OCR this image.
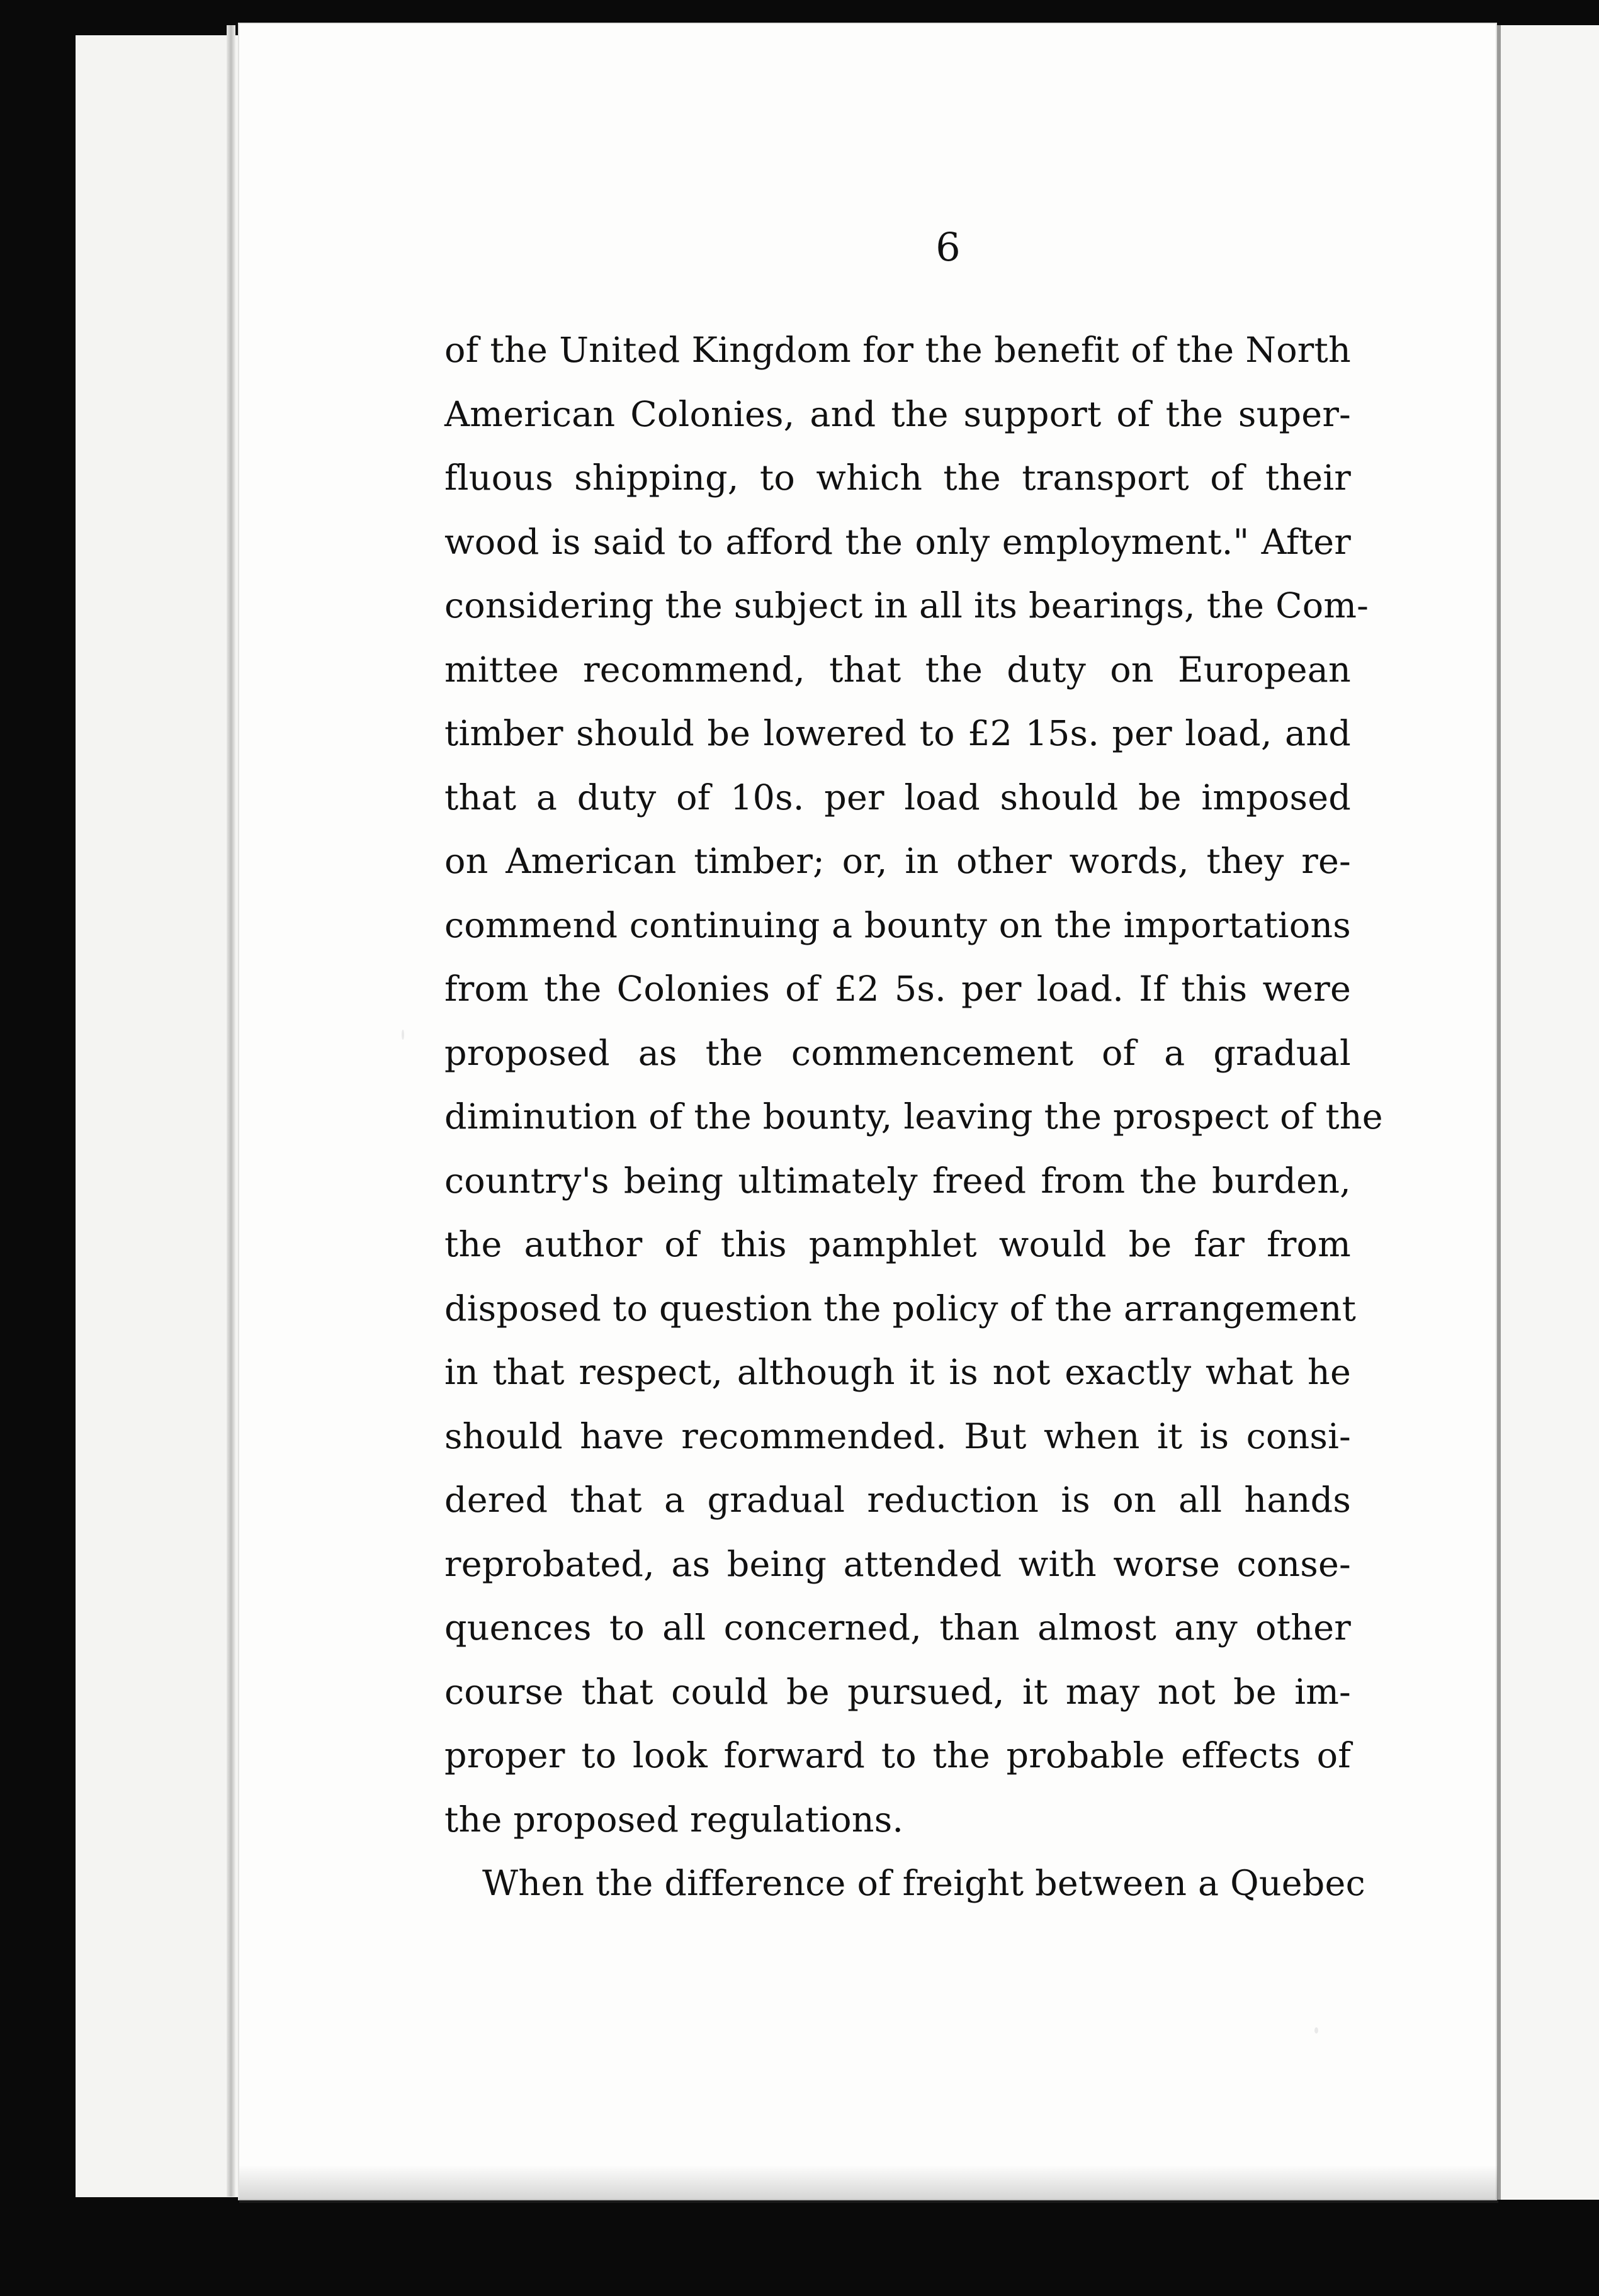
6
of the United Kingdom for the benefit of the North
American Colonies, and the support of the super-
fluous shipping, to which the transport of their
wood is said to afford the only employment." After
considering the subject in all its bearings, the Com-
mittee recommend, that the duty on European
timber should be lowered to £2 15s. per load, and
that a duty of 10s. per load should be imposed
on American timber; or, in other words, they re-
commend continuing a bounty on the importations
from the Colonies of £2 5s. per load. If this were
proposed as the commencement of a gradual
diminution of the bounty, leaving the prospect of the
country's being ultimately freed from the burden,
the author of this pamphlet would be far from
disposed to question the policy of the arrangement
in that respect, although it is not exactly what he
should have recommended. But when it is consi-
dered that a gradual reduction is on all hands
reprobated, as being attended with worse conse-
quences to all concerned, than almost any other
course that could be pursued, it may not be im-
proper to look forward to the probable effects of
the proposed regulations.
When the difference of freight between a Quebec
